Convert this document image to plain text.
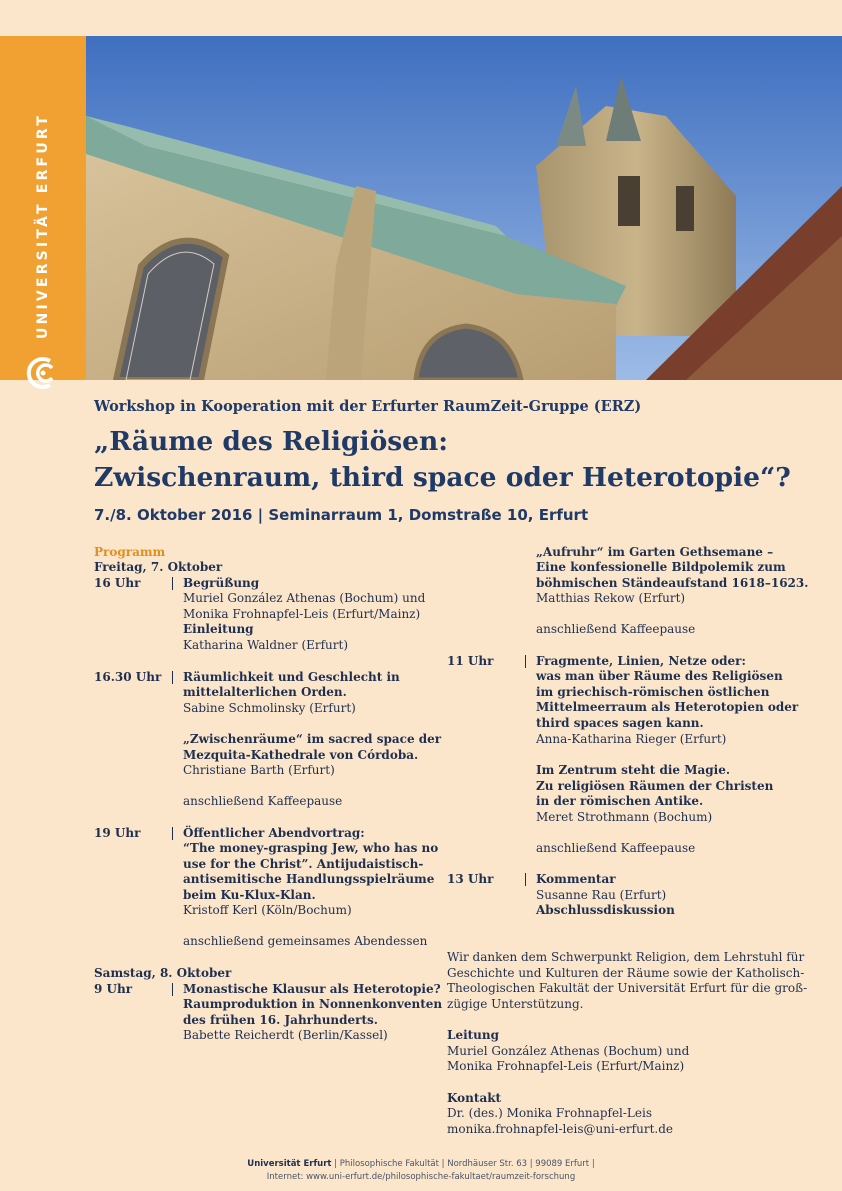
UNIVERSITÄT ERFURT
Workshop in Kooperation mit der Erfurter RaumZeit-Gruppe (ERZ)
„Räume des Religiösen:
Zwischenraum, third space oder Heterotopie“?
7./8. Oktober 2016 | Seminarraum 1, Domstraße 10, Erfurt
Programm
Freitag, 7. Oktober
16 Uhr	Begrüßung
Muriel González Athenas (Bochum) und
Monika Frohnapfel-Leis (Erfurt/Mainz)
Einleitung
Katharina Waldner (Erfurt)
16.30 Uhr Räumlichkeit und Geschlecht in
mittelalterlichen Orden.
Sabine Schmolinsky (Erfurt)
„Zwischenräume“ im sacred space der
Mezquita-Kathedrale von Córdoba.
Christiane Barth (Erfurt)
anschließend Kaffeepause
19 Uhr	Öffentlicher Abendvortrag:
“The money-grasping Jew, who has no
use for the Christ”. Antijudaistisch-
antisemitische Handlungsspielräume
beim Ku-Klux-Klan.
Kristoff Kerl (Köln/Bochum)
anschließend gemeinsames Abendessen
Samstag, 8. Oktober
9 Uhr	Monastische Klausur als Heterotopie?
Raumproduktion in Nonnenkonventen
des frühen 16. Jahrhunderts.
Babette Reicherdt (Berlin/Kassel)
„Aufruhr“ im Garten Gethsemane –
Eine konfessionelle Bildpolemik zum
böhmischen Ständeaufstand 1618–1623.
Matthias Rekow (Erfurt)
anschließend Kaffeepause
11 Uhr	Fragmente, Linien, Netze oder:
was man über Räume des Religiösen
im griechisch-römischen östlichen
Mittelmeerraum als Heterotopien oder
third spaces sagen kann.
Anna-Katharina Rieger (Erfurt)
Im Zentrum steht die Magie.
Zu religiösen Räumen der Christen
in der römischen Antike.
Meret Strothmann (Bochum)
anschließend Kaffeepause
13 Uhr	Kommentar
Susanne Rau (Erfurt)
Abschlussdiskussion
Wir danken dem Schwerpunkt Religion, dem Lehrstuhl für
Geschichte und Kulturen der Räume sowie der Katholisch-
Theologischen Fakultät der Universität Erfurt für die groß-
zügige Unterstützung.
Leitung
Muriel González Athenas (Bochum) und
Monika Frohnapfel-Leis (Erfurt/Mainz)
Kontakt
Dr. (des.) Monika Frohnapfel-Leis
monika.frohnapfel-leis@uni-erfurt.de
Universität Erfurt | Philosophische Fakultät | Nordhäuser Str. 63 | 99089 Erfurt |
Internet: www.uni-erfurt.de/philosophische-fakultaet/raumzeit-forschung
